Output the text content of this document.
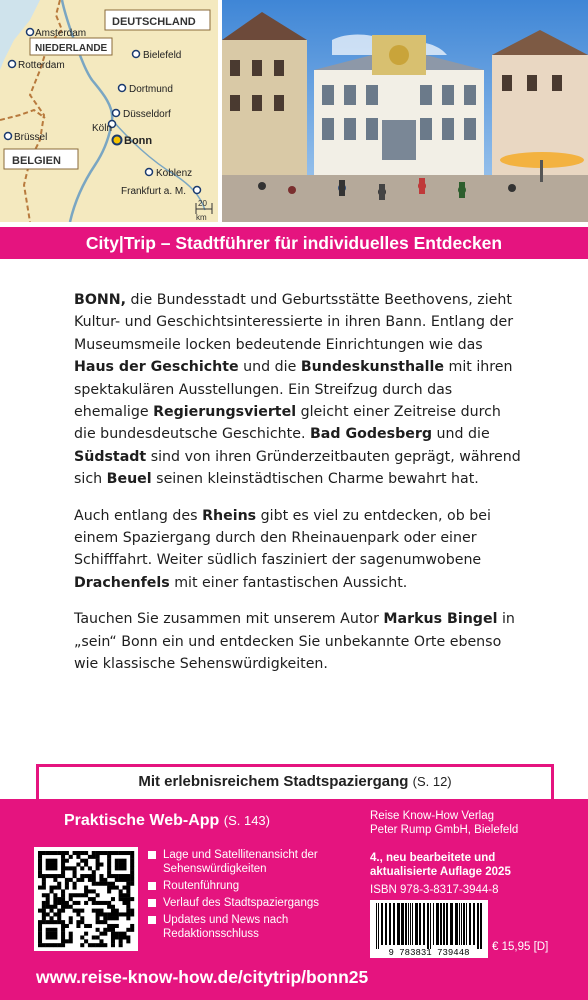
DEUTSCHLAND
NIEDERLANDE
BELGIEN
Amsterdam
Rotterdam
Bielefeld
Dortmund
Düsseldorf
Köln
Bonn
Brüssel
Koblenz
Frankfurt a. M.
20
km
City|Trip – Stadtführer für individuelles Entdecken

BONN, die Bundesstadt und Geburtsstätte Beethovens, zieht Kultur- und Geschichtsinteressierte in ihren Bann. Entlang der Museumsmeile locken bedeutende Einrichtungen wie das Haus der Geschichte und die Bundeskunsthalle mit ihren spektakulären Ausstellungen. Ein Streifzug durch das ehemalige Regierungsviertel gleicht einer Zeitreise durch die bundesdeutsche Geschichte. Bad Godesberg und die Südstadt sind von ihren Gründerzeitbauten geprägt, während sich Beuel seinen kleinstädtischen Charme bewahrt hat.

Auch entlang des Rheins gibt es viel zu entdecken, ob bei einem Spaziergang durch den Rheinauenpark oder einer Schifffahrt. Weiter südlich fasziniert der sagenumwobene Drachenfels mit einer fantastischen Aussicht.

Tauchen Sie zusammen mit unserem Autor Markus Bingel in „sein“ Bonn ein und entdecken Sie unbekannte Orte ebenso wie klassische Sehenswürdigkeiten.

Mit erlebnisreichem Stadtspaziergang (S. 12)
Praktische Web-App (S. 143)
Lage und Satellitenansicht der Sehenswürdigkeiten
Routenführung
Verlauf des Stadtspaziergangs
Updates und News nach Redaktionsschluss
Reise Know-How Verlag
Peter Rump GmbH, Bielefeld
4., neu bearbeitete und
aktualisierte Auflage 2025
ISBN 978-3-8317-3944-8
9 783831 739448 € 15,95 [D]
www.reise-know-how.de/citytrip/bonn25
